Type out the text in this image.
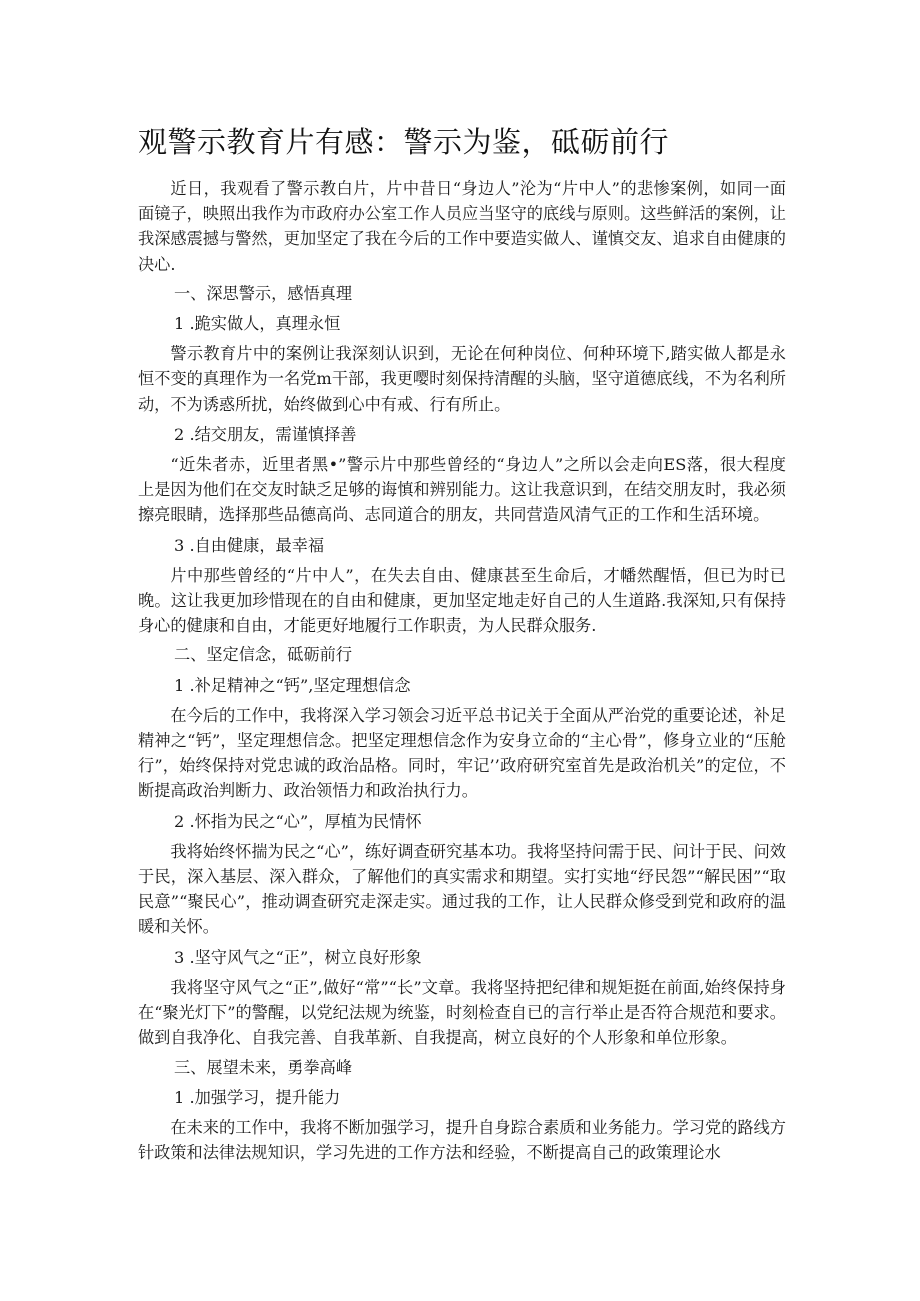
观警示教育片有感：警示为鉴，砥砺前行

近日，我观看了警示教白片，片中昔日“身边人”沦为“片中人”的悲惨案例，如同一面面镜子，映照出我作为市政府办公室工作人员应当坚守的底线与原则。这些鲜活的案例，让我深感震撼与警然，更加坚定了我在今后的工作中要造实做人、谨慎交友、追求自由健康的决心.

一、深思警示，感悟真理

1 .跪实做人，真理永恒

警示教育片中的案例让我深刻认识到，无论在何种岗位、何种环境下,踏实做人都是永恒不变的真理作为一名党m干部，我更嘤时刻保持清醒的头脑，坚守道德底线，不为名利所动，不为诱惑所扰，始终做到心中有戒、行有所止。

2 .结交朋友，需谨慎择善

“近朱者赤，近里者黑•”警示片中那些曾经的“身边人”之所以会走向ES落，很大程度上是因为他们在交友时缺乏足够的诲慎和辨别能力。这让我意识到，在结交朋友时，我必须擦亮眼睛，选择那些品德高尚、志同道合的朋友，共同营造风清气正的工作和生活环境。

3 .自由健康，最幸福

片中那些曾经的“片中人”，在失去自由、健康甚至生命后，才幡然醒悟，但已为时已晚。这让我更加珍惜现在的自由和健康，更加坚定地走好自己的人生道路.我深知,只有保持身心的健康和自由，才能更好地履行工作职责，为人民群众服务.

二、坚定信念，砥砺前行

1 .补足精神之“钙”,坚定理想信念

在今后的工作中，我将深入学习领会习近平总书记关于全面从严治党的重要论述，补足精神之“钙”，坚定理想信念。把坚定理想信念作为安身立命的“主心骨”，修身立业的“压舱行”，始终保持对党忠诚的政治品格。同时，牢记’’政府研究室首先是政治机关”的定位，不断提高政治判断力、政治领悟力和政治执行力。

2 .怀指为民之“心”，厚植为民情怀

我将始终怀揣为民之“心”，练好调查研究基本功。我将坚持问需于民、问计于民、问效于民，深入基层、深入群众，了解他们的真实需求和期望。实打实地“纾民怨”“解民困”“取民意”“聚民心”，推动调查研究走深走实。通过我的工作，让人民群众修受到党和政府的温暖和关怀。

3 .坚守风气之“正”，树立良好形象

我将坚守风气之“正”,做好“常”“长”文章。我将坚持把纪律和规矩挺在前面,始终保持身在“聚光灯下”的警醒，以党纪法规为统鉴，时刻检查自已的言行举止是否符合规范和要求。做到自我净化、自我完善、自我革新、自我提高，树立良好的个人形象和单位形象。

三、展望未来，勇拳高峰

1 .加强学习，提升能力

在未来的工作中，我将不断加强学习，提升自身踪合素质和业务能力。学习党的路线方针政策和法律法规知识，学习先进的工作方法和经验，不断提高自己的政策理论水
